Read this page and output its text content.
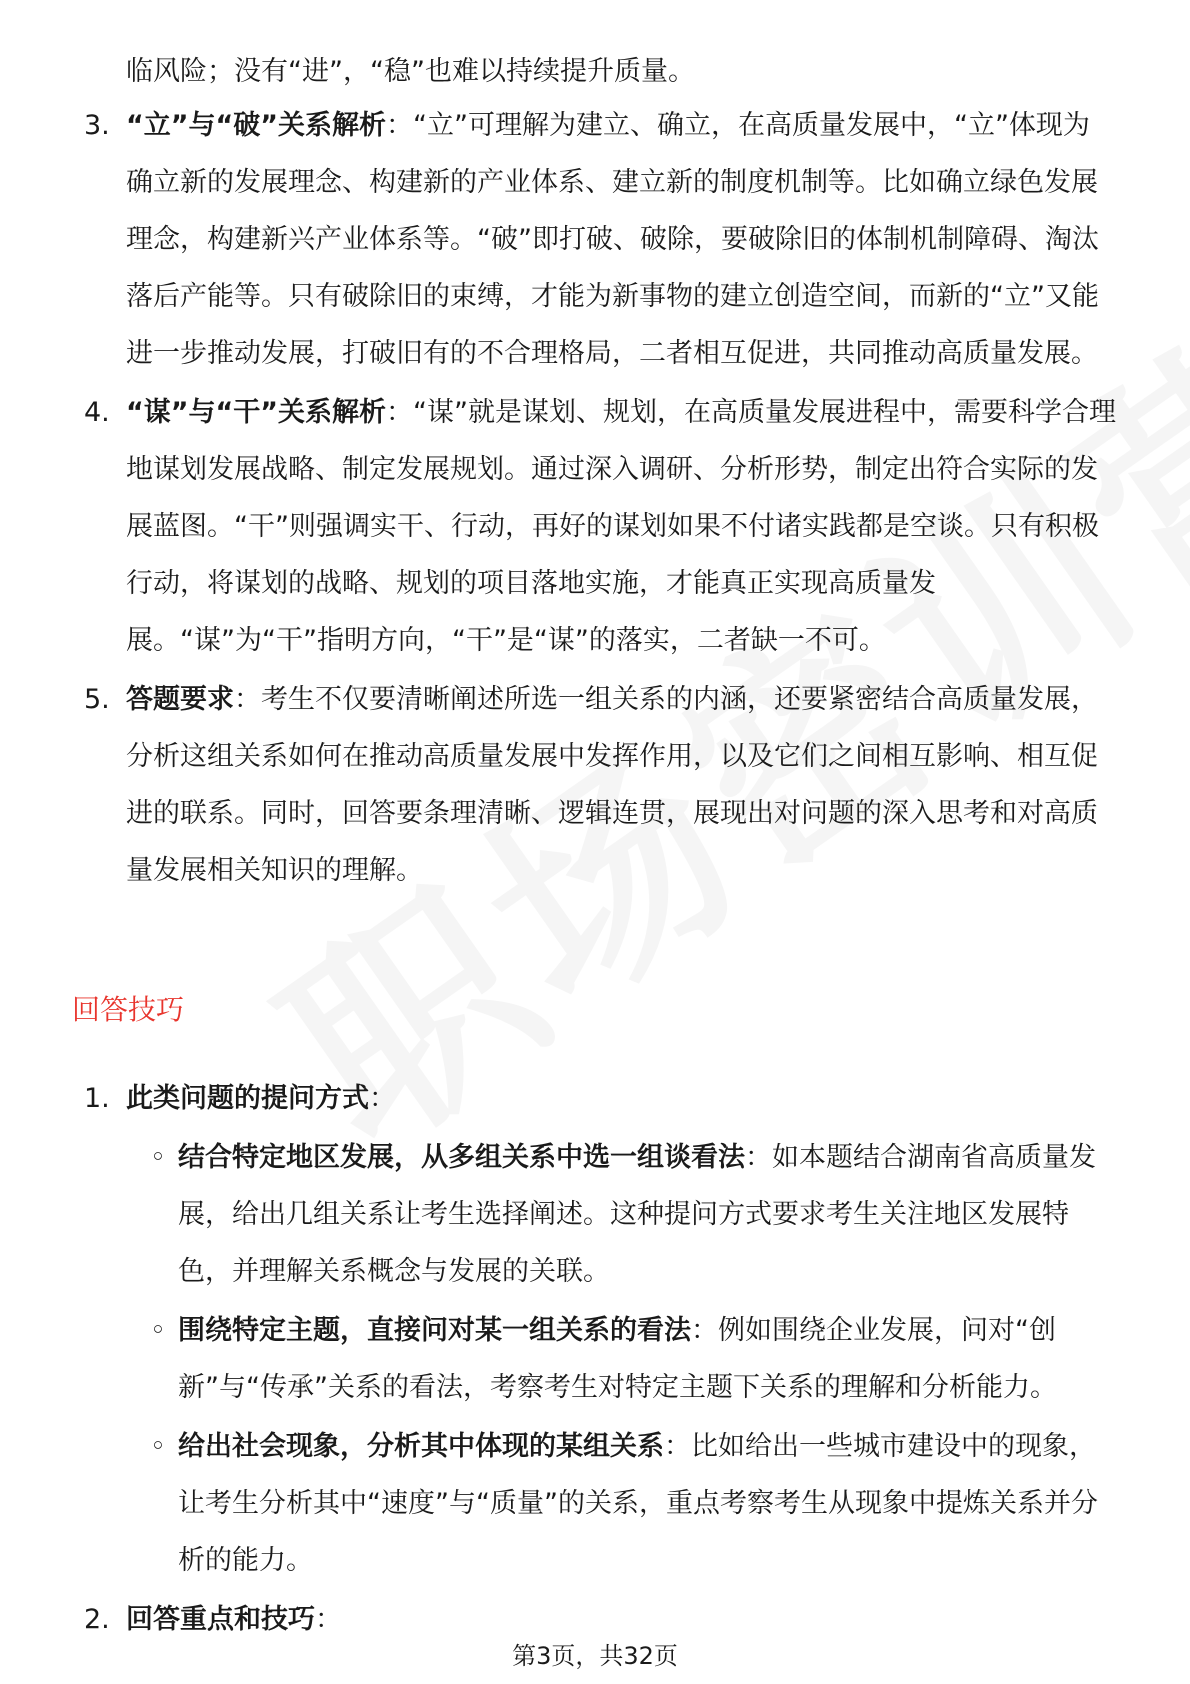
临风险；没有“进”，“稳”也难以持续提升质量。

3. “立”与“破”关系解析：“立”可理解为建立、确立，在高质量发展中，“立”体现为确立新的发展理念、构建新的产业体系、建立新的制度机制等。比如确立绿色发展理念，构建新兴产业体系等。“破”即打破、破除，要破除旧的体制机制障碍、淘汰落后产能等。只有破除旧的束缚，才能为新事物的建立创造空间，而新的“立”又能进一步推动发展，打破旧有的不合理格局，二者相互促进，共同推动高质量发展。
4. “谋”与“干”关系解析：“谋”就是谋划、规划，在高质量发展进程中，需要科学合理地谋划发展战略、制定发展规划。通过深入调研、分析形势，制定出符合实际的发展蓝图。“干”则强调实干、行动，再好的谋划如果不付诸实践都是空谈。只有积极行动，将谋划的战略、规划的项目落地实施，才能真正实现高质量发展。“谋”为“干”指明方向，“干”是“谋”的落实，二者缺一不可。
5. 答题要求：考生不仅要清晰阐述所选一组关系的内涵，还要紧密结合高质量发展，分析这组关系如何在推动高质量发展中发挥作用，以及它们之间相互影响、相互促进的联系。同时，回答要条理清晰、逻辑连贯，展现出对问题的深入思考和对高质量发展相关知识的理解。
回答技巧
1. 此类问题的提问方式：
◦ 结合特定地区发展，从多组关系中选一组谈看法：如本题结合湖南省高质量发展，给出几组关系让考生选择阐述。这种提问方式要求考生关注地区发展特色，并理解关系概念与发展的关联。
◦ 围绕特定主题，直接问对某一组关系的看法：例如围绕企业发展，问对“创新”与“传承”关系的看法，考察考生对特定主题下关系的理解和分析能力。
◦ 给出社会现象，分析其中体现的某组关系：比如给出一些城市建设中的现象，让考生分析其中“速度”与“质量”的关系，重点考察考生从现象中提炼关系并分析的能力。
2. 回答重点和技巧：
第3页，共32页
